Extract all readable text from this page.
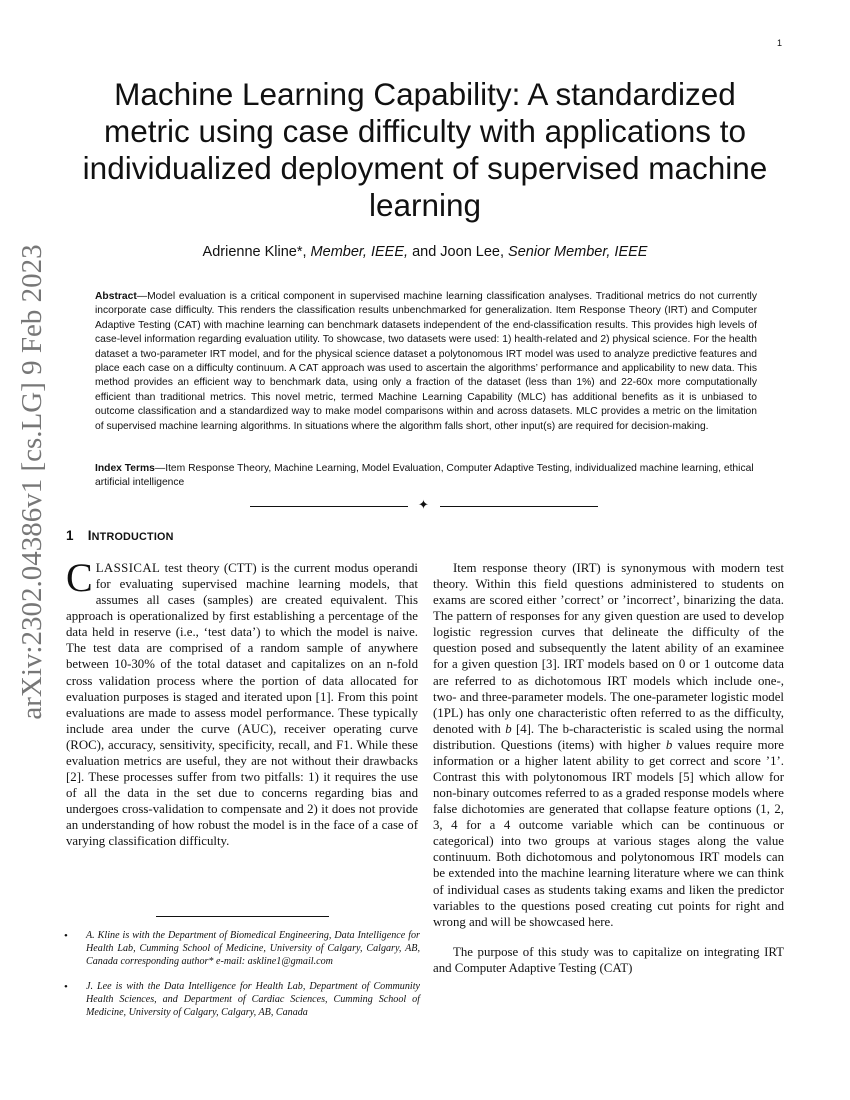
1
arXiv:2302.04386v1 [cs.LG] 9 Feb 2023
Machine Learning Capability: A standardized metric using case difficulty with applications to individualized deployment of supervised machine learning
Adrienne Kline*, Member, IEEE, and Joon Lee, Senior Member, IEEE
Abstract—Model evaluation is a critical component in supervised machine learning classification analyses. Traditional metrics do not currently incorporate case difficulty. This renders the classification results unbenchmarked for generalization. Item Response Theory (IRT) and Computer Adaptive Testing (CAT) with machine learning can benchmark datasets independent of the end-classification results. This provides high levels of case-level information regarding evaluation utility. To showcase, two datasets were used: 1) health-related and 2) physical science. For the health dataset a two-parameter IRT model, and for the physical science dataset a polytonomous IRT model was used to analyze predictive features and place each case on a difficulty continuum. A CAT approach was used to ascertain the algorithms’ performance and applicability to new data. This method provides an efficient way to benchmark data, using only a fraction of the dataset (less than 1%) and 22-60x more computationally efficient than traditional metrics. This novel metric, termed Machine Learning Capability (MLC) has additional benefits as it is unbiased to outcome classification and a standardized way to make model comparisons within and across datasets. MLC provides a metric on the limitation of supervised machine learning algorithms. In situations where the algorithm falls short, other input(s) are required for decision-making.
Index Terms—Item Response Theory, Machine Learning, Model Evaluation, Computer Adaptive Testing, individualized machine learning, ethical artificial intelligence
✦
1 INTRODUCTION

CLASSICAL test theory (CTT) is the current modus operandi for evaluating supervised machine learning models, that assumes all cases (samples) are created equivalent. This approach is operationalized by first establishing a percentage of the data held in reserve (i.e., ‘test data’) to which the model is naive. The test data are comprised of a random sample of anywhere between 10-30% of the total dataset and capitalizes on an n-fold cross validation process where the portion of data allocated for evaluation purposes is staged and iterated upon [1]. From this point evaluations are made to assess model performance. These typically include area under the curve (AUC), receiver operating curve (ROC), accuracy, sensitivity, specificity, recall, and F1. While these evaluation metrics are useful, they are not without their drawbacks [2]. These processes suffer from two pitfalls: 1) it requires the use of all the data in the set due to concerns regarding bias and undergoes cross-validation to compensate and 2) it does not provide an understanding of how robust the model is in the face of a case of varying classification difficulty.

Item response theory (IRT) is synonymous with modern test theory. Within this field questions administered to students on exams are scored either ’correct’ or ’incorrect’, binarizing the data. The pattern of responses for any given question are used to develop logistic regression curves that delineate the difficulty of the question posed and subsequently the latent ability of an examinee for a given question [3]. IRT models based on 0 or 1 outcome data are referred to as dichotomous IRT models which include one-, two- and three-parameter models. The one-parameter logistic model (1PL) has only one characteristic often referred to as the difficulty, denoted with b [4]. The b-characteristic is scaled using the normal distribution. Questions (items) with higher b values require more information or a higher latent ability to get correct and score ’1’. Contrast this with polytonomous IRT models [5] which allow for non-binary outcomes referred to as a graded response models where false dichotomies are generated that collapse feature options (1, 2, 3, 4 for a 4 outcome variable which can be continuous or categorical) into two groups at various stages along the value continuum. Both dichotomous and polytonomous IRT models can be extended into the machine learning literature where we can think of individual cases as students taking exams and liken the predictor variables to the questions posed creating cut points for right and wrong and will be showcased here.

The purpose of this study was to capitalize on integrating IRT and Computer Adaptive Testing (CAT)

• A. Kline is with the Department of Biomedical Engineering, Data Intelligence for Health Lab, Cumming School of Medicine, University of Calgary, Calgary, AB, Canada corresponding author* e-mail: askline1@gmail.com
• J. Lee is with the Data Intelligence for Health Lab, Department of Community Health Sciences, and Department of Cardiac Sciences, Cumming School of Medicine, University of Calgary, Calgary, AB, Canada
